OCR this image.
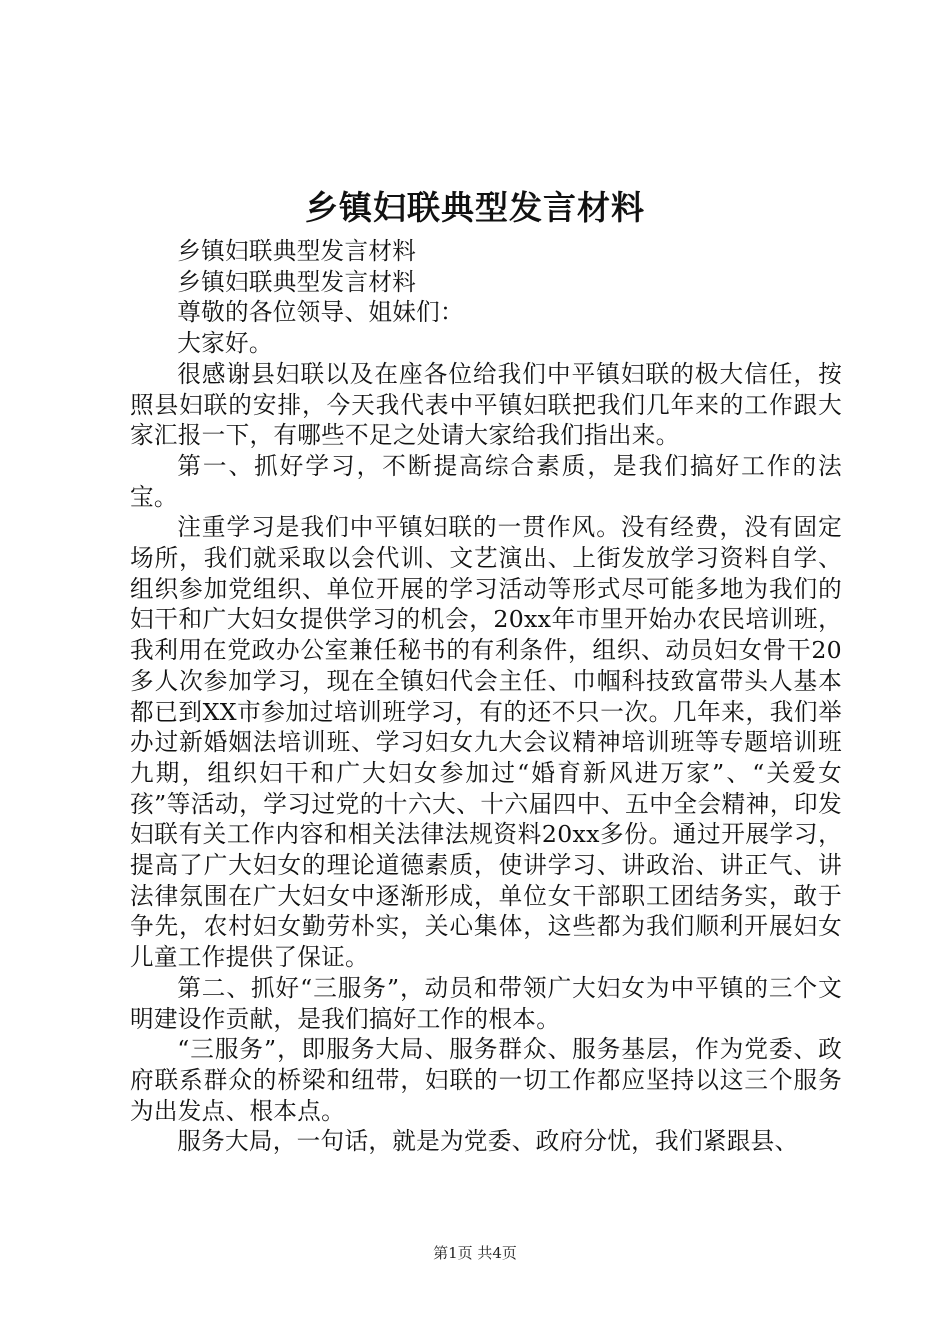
乡镇妇联典型发言材料

乡镇妇联典型发言材料

乡镇妇联典型发言材料

尊敬的各位领导、姐妹们：

大家好。

很感谢县妇联以及在座各位给我们中平镇妇联的极大信任，按照县妇联的安排，今天我代表中平镇妇联把我们几年来的工作跟大家汇报一下，有哪些不足之处请大家给我们指出来。

第一、抓好学习，不断提高综合素质，是我们搞好工作的法宝。

注重学习是我们中平镇妇联的一贯作风。没有经费，没有固定场所，我们就采取以会代训、文艺演出、上街发放学习资料自学、组织参加党组织、单位开展的学习活动等形式尽可能多地为我们的妇干和广大妇女提供学习的机会，20xx年市里开始办农民培训班，我利用在党政办公室兼任秘书的有利条件，组织、动员妇女骨干20多人次参加学习，现在全镇妇代会主任、巾帼科技致富带头人基本都已到XX市参加过培训班学习，有的还不只一次。几年来，我们举办过新婚姻法培训班、学习妇女九大会议精神培训班等专题培训班九期，组织妇干和广大妇女参加过“婚育新风进万家”、“关爱女孩”等活动，学习过党的十六大、十六届四中、五中全会精神，印发妇联有关工作内容和相关法律法规资料20xx多份。通过开展学习，提高了广大妇女的理论道德素质，使讲学习、讲政治、讲正气、讲法律氛围在广大妇女中逐渐形成，单位女干部职工团结务实，敢于争先，农村妇女勤劳朴实，关心集体，这些都为我们顺利开展妇女儿童工作提供了保证。

第二、抓好“三服务”，动员和带领广大妇女为中平镇的三个文明建设作贡献，是我们搞好工作的根本。

“三服务”，即服务大局、服务群众、服务基层，作为党委、政府联系群众的桥梁和纽带，妇联的一切工作都应坚持以这三个服务为出发点、根本点。

服务大局，一句话，就是为党委、政府分忧，我们紧跟县、

第1页 共4页
